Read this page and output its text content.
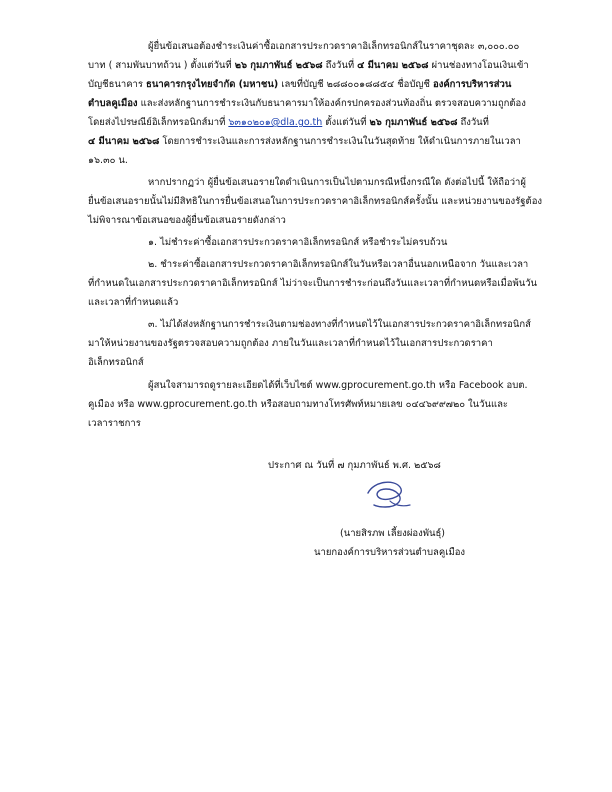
ผู้ยื่นข้อเสนอต้องชำระเงินค่าซื้อเอกสารประกวดราคาอิเล็กทรอนิกส์ในราคาชุดละ ๓,๐๐๐.๐๐
บาท ( สามพันบาทถ้วน ) ตั้งแต่วันที่ ๒๖ กุมภาพันธ์ ๒๕๖๘ ถึงวันที่ ๔ มีนาคม ๒๕๖๘ ผ่านช่องทางโอนเงินเข้า
บัญชีธนาคาร ธนาคารกรุงไทยจำกัด (มหาชน) เลขที่บัญชี ๒๘๘๐๐๑๘๘๕๔ ชื่อบัญชี องค์การบริหารส่วน
ตำบลคูเมือง และส่งหลักฐานการชำระเงินกับธนาคารมาให้องค์กรปกครองส่วนท้องถิ่น ตรวจสอบความถูกต้อง
โดยส่งไปรษณีย์อิเล็กทรอนิกส์มาที่ ๖๓๑๐๒๐๑@dla.go.th ตั้งแต่วันที่ ๒๖ กุมภาพันธ์ ๒๕๖๘ ถึงวันที่
๔ มีนาคม ๒๕๖๘ โดยการชำระเงินและการส่งหลักฐานการชำระเงินในวันสุดท้าย ให้ดำเนินการภายในเวลา
๑๖.๓๐ น.
หากปรากฏว่า ผู้ยื่นข้อเสนอรายใดดำเนินการเป็นไปตามกรณีหนึ่งกรณีใด ดังต่อไปนี้ ให้ถือว่าผู้
ยื่นข้อเสนอรายนั้นไม่มีสิทธิในการยื่นข้อเสนอในการประกวดราคาอิเล็กทรอนิกส์ครั้งนั้น และหน่วยงานของรัฐต้อง
ไม่พิจารณาข้อเสนอของผู้ยื่นข้อเสนอรายดังกล่าว
๑. ไม่ชำระค่าซื้อเอกสารประกวดราคาอิเล็กทรอนิกส์ หรือชำระไม่ครบถ้วน
๒. ชำระค่าซื้อเอกสารประกวดราคาอิเล็กทรอนิกส์ในวันหรือเวลาอื่นนอกเหนือจาก วันและเวลา
ที่กำหนดในเอกสารประกวดราคาอิเล็กทรอนิกส์ ไม่ว่าจะเป็นการชำระก่อนถึงวันและเวลาที่กำหนดหรือเมื่อพ้นวัน
และเวลาที่กำหนดแล้ว
๓. ไม่ได้ส่งหลักฐานการชำระเงินตามช่องทางที่กำหนดไว้ในเอกสารประกวดราคาอิเล็กทรอนิกส์
มาให้หน่วยงานของรัฐตรวจสอบความถูกต้อง ภายในวันและเวลาที่กำหนดไว้ในเอกสารประกวดราคา
อิเล็กทรอนิกส์
ผู้สนใจสามารถดูรายละเอียดได้ที่เว็บไซต์ www.gprocurement.go.th หรือ Facebook อบต.
คูเมือง หรือ www.gprocurement.go.th หรือสอบถามทางโทรศัพท์หมายเลข ๐๔๔๖๙๙๗๒๐ ในวันและ
เวลาราชการ
ประกาศ ณ วันที่ ๗ กุมภาพันธ์ พ.ศ. ๒๕๖๘
(นายสิรภพ เลี้ยงผ่องพันธุ์)
นายกองค์การบริหารส่วนตำบลคูเมือง
